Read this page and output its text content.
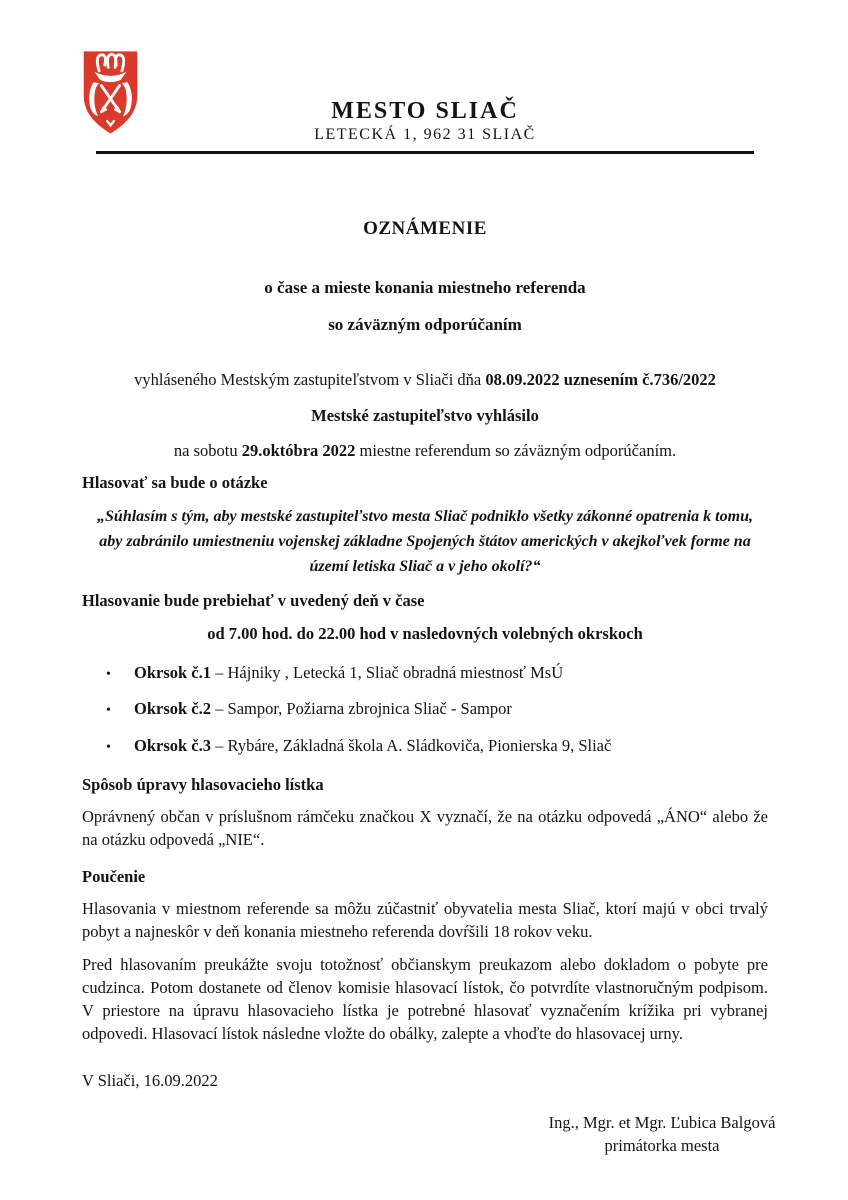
MESTO SLIAČ
LETECKÁ 1, 962 31 SLIAČ
OZNÁMENIE
o čase a mieste konania miestneho referenda
so záväzným odporúčaním

vyhláseného Mestským zastupiteľstvom v Sliači dňa 08.09.2022 uznesením č.736/2022

Mestské zastupiteľstvo vyhlásilo

na sobotu 29.októbra 2022 miestne referendum so záväzným odporúčaním.

Hlasovať sa bude o otázke

„Súhlasím s tým, aby mestské zastupiteľstvo mesta Sliač podniklo všetky zákonné opatrenia k tomu, aby zabránilo umiestneniu vojenskej základne Spojených štátov amerických v akejkoľvek forme na území letiska Sliač a v jeho okolí?“

Hlasovanie bude prebiehať v uvedený deň v čase

od 7.00 hod. do 22.00 hod v nasledovných volebných okrskoch

•	Okrsok č.1 – Hájniky , Letecká 1, Sliač obradná miestnosť MsÚ
•	Okrsok č.2 – Sampor, Požiarna zbrojnica Sliač - Sampor
•	Okrsok č.3 – Rybáre, Základná škola A. Sládkoviča, Pionierska 9, Sliač
Spôsob úpravy hlasovacieho lístka

Oprávnený občan v príslušnom rámčeku značkou X vyznačí, že na otázku odpovedá „ÁNO“ alebo že na otázku odpovedá „NIE“.

Poučenie

Hlasovania v miestnom referende sa môžu zúčastniť obyvatelia mesta Sliač, ktorí majú v obci trvalý pobyt a najneskôr v deň konania miestneho referenda dovŕšili 18 rokov veku.

Pred hlasovaním preukážte svoju totožnosť občianskym preukazom alebo dokladom o pobyte pre cudzinca. Potom dostanete od členov komisie hlasovací lístok, čo potvrdíte vlastnoručným podpisom. V priestore na úpravu hlasovacieho lístka je potrebné hlasovať vyznačením krížika pri vybranej odpovedi. Hlasovací lístok následne vložte do obálky, zalepte a vhoďte do hlasovacej urny.

V Sliači, 16.09.2022

Ing., Mgr. et Mgr. Ľubica Balgová
primátorka mesta
